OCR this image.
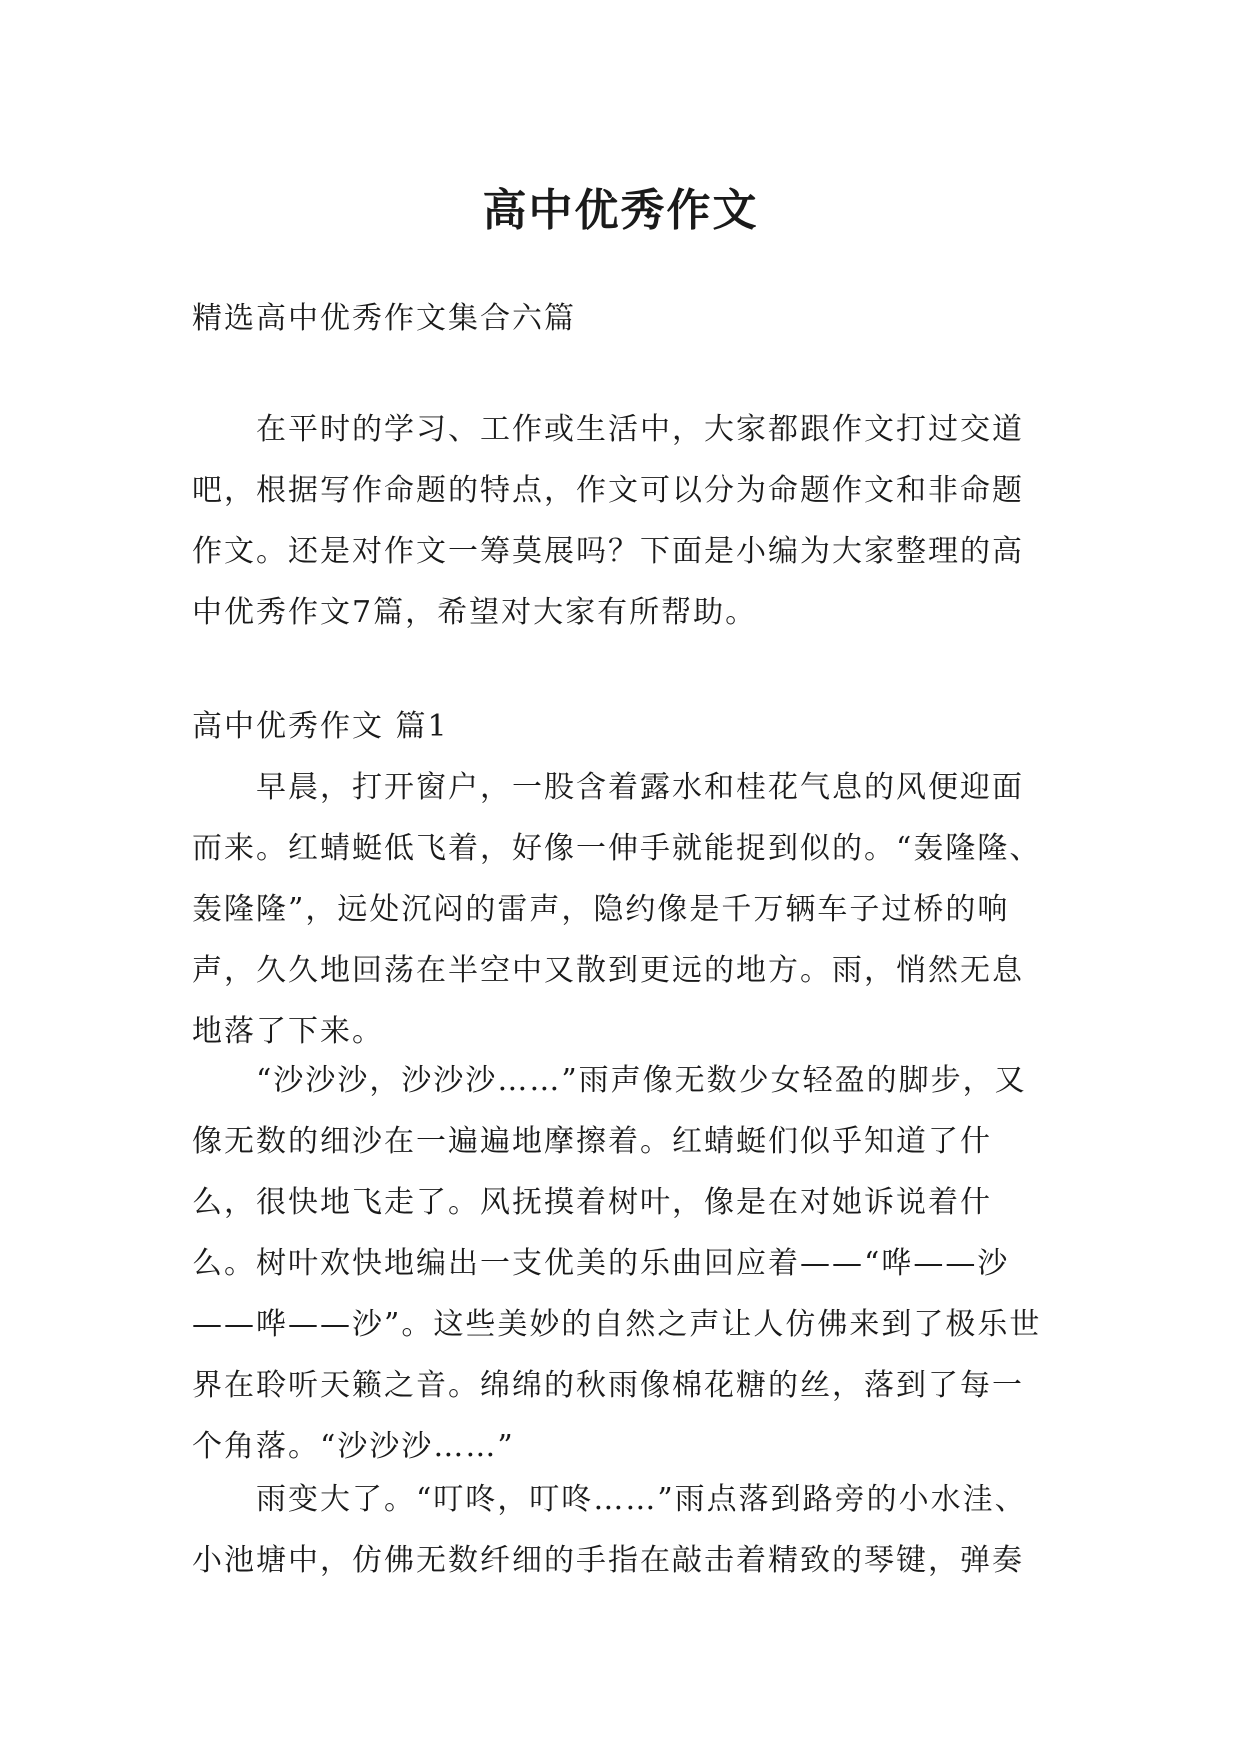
高中优秀作文

精选高中优秀作文集合六篇

在平时的学习、工作或生活中，大家都跟作文打过交道吧，根据写作命题的特点，作文可以分为命题作文和非命题作文。还是对作文一筹莫展吗？下面是小编为大家整理的高中优秀作文7篇，希望对大家有所帮助。

高中优秀作文 篇1

早晨，打开窗户，一股含着露水和桂花气息的风便迎面而来。红蜻蜓低飞着，好像一伸手就能捉到似的。“轰隆隆、轰隆隆”，远处沉闷的雷声，隐约像是千万辆车子过桥的响声，久久地回荡在半空中又散到更远的地方。雨，悄然无息地落了下来。

“沙沙沙，沙沙沙……”雨声像无数少女轻盈的脚步，又像无数的细沙在一遍遍地摩擦着。红蜻蜓们似乎知道了什么，很快地飞走了。风抚摸着树叶，像是在对她诉说着什么。树叶欢快地编出一支优美的乐曲回应着——“哗——沙——哗——沙”。这些美妙的自然之声让人仿佛来到了极乐世界在聆听天籁之音。绵绵的秋雨像棉花糖的丝，落到了每一个角落。“沙沙沙……”

雨变大了。“叮咚，叮咚……”雨点落到路旁的小水洼、小池塘中，仿佛无数纤细的手指在敲击着精致的琴键，弹奏
